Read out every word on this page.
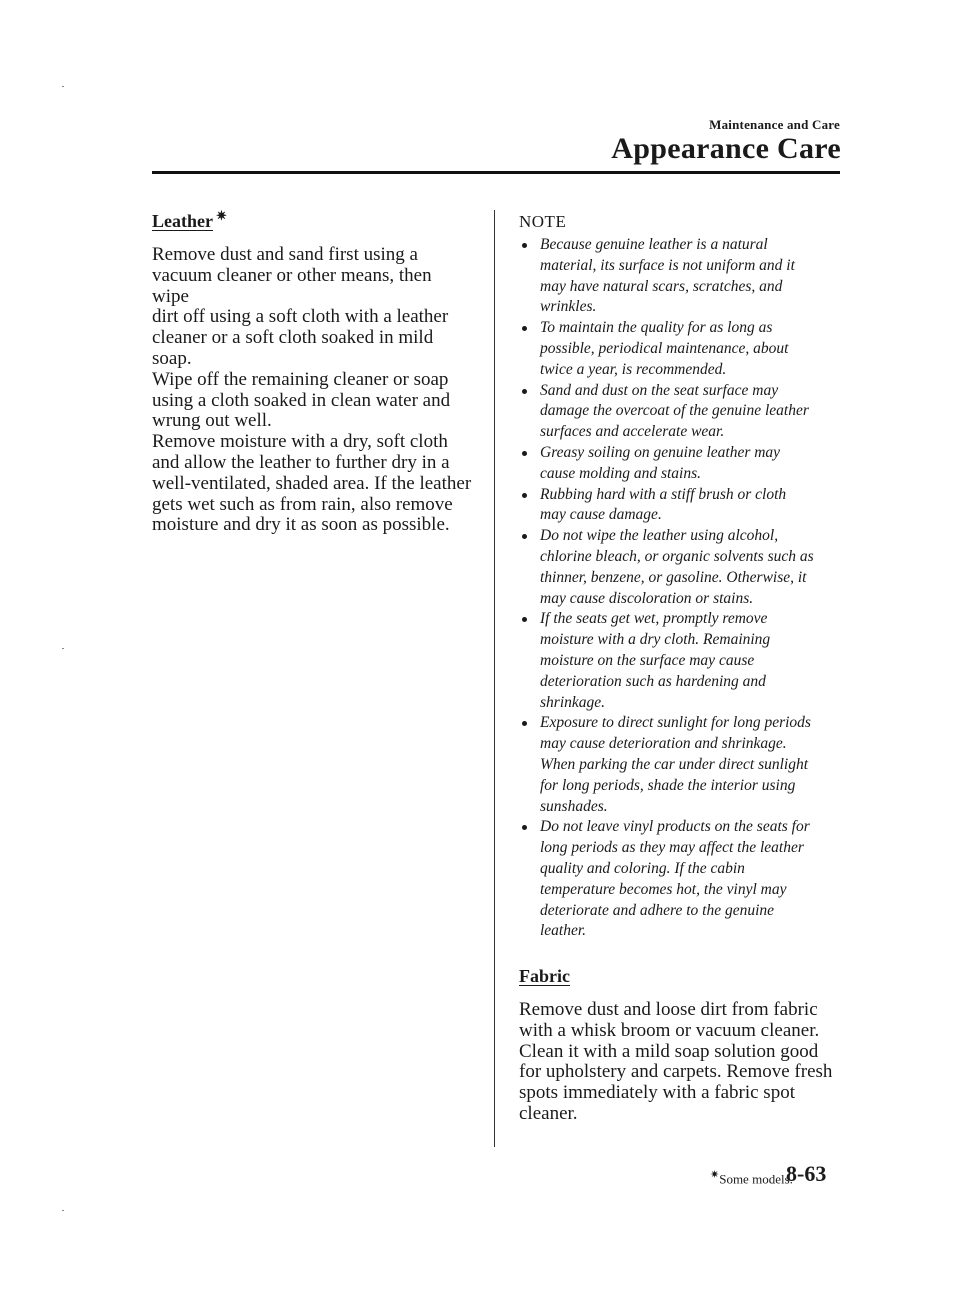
Maintenance and Care
Appearance Care
Leather ✷

Remove dust and sand first using a
vacuum cleaner or other means, then wipe
dirt off using a soft cloth with a leather
cleaner or a soft cloth soaked in mild
soap.
Wipe off the remaining cleaner or soap
using a cloth soaked in clean water and
wrung out well.
Remove moisture with a dry, soft cloth
and allow the leather to further dry in a
well-ventilated, shaded area. If the leather
gets wet such as from rain, also remove
moisture and dry it as soon as possible.

NOTE

Because genuine leather is a natural
material, its surface is not uniform and it
may have natural scars, scratches, and
wrinkles.
To maintain the quality for as long as
possible, periodical maintenance, about
twice a year, is recommended.
Sand and dust on the seat surface may
damage the overcoat of the genuine leather
surfaces and accelerate wear.
Greasy soiling on genuine leather may
cause molding and stains.
Rubbing hard with a stiff brush or cloth
may cause damage.
Do not wipe the leather using alcohol,
chlorine bleach, or organic solvents such as
thinner, benzene, or gasoline. Otherwise, it
may cause discoloration or stains.
If the seats get wet, promptly remove
moisture with a dry cloth. Remaining
moisture on the surface may cause
deterioration such as hardening and
shrinkage.
Exposure to direct sunlight for long periods
may cause deterioration and shrinkage.
When parking the car under direct sunlight
for long periods, shade the interior using
sunshades.
Do not leave vinyl products on the seats for
long periods as they may affect the leather
quality and coloring. If the cabin
temperature becomes hot, the vinyl may
deteriorate and adhere to the genuine
leather.
Fabric

Remove dust and loose dirt from fabric
with a whisk broom or vacuum cleaner.
Clean it with a mild soap solution good
for upholstery and carpets. Remove fresh
spots immediately with a fabric spot
cleaner.

✷Some models.
8-63
